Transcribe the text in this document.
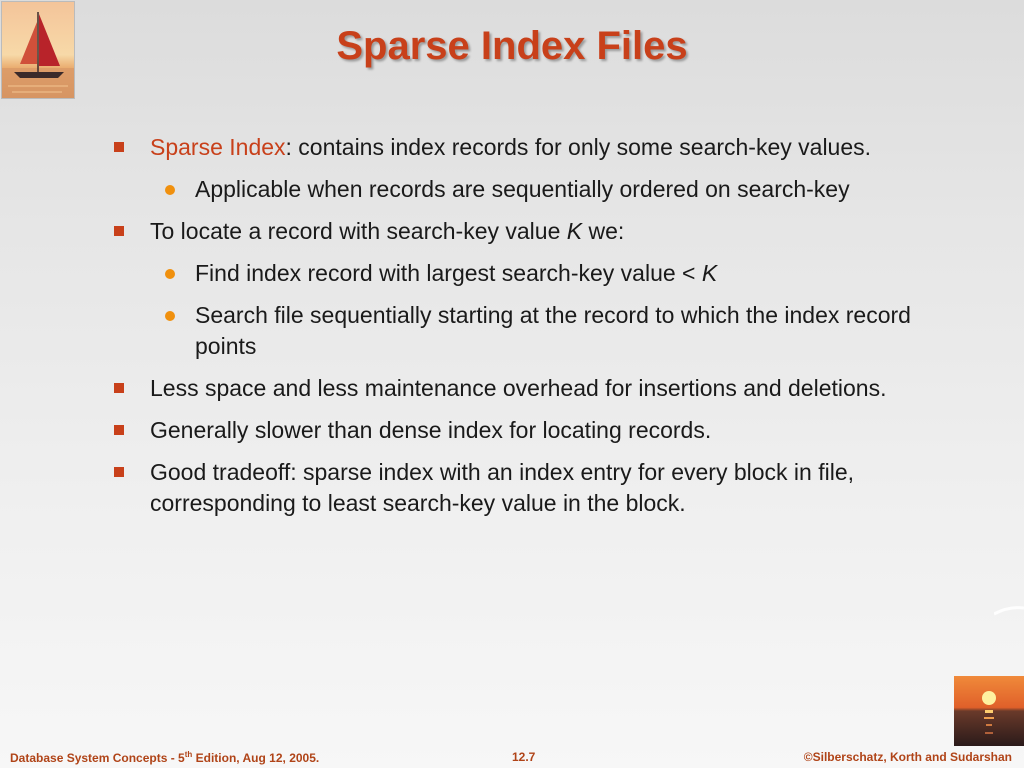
Sparse Index Files
Sparse Index: contains index records for only some search-key values.
Applicable when records are sequentially ordered on search-key
To locate a record with search-key value K we:
Find index record with largest search-key value < K
Search file sequentially starting at the record to which the index record points
Less space and less maintenance overhead for insertions and deletions.
Generally slower than dense index for locating records.
Good tradeoff: sparse index with an index entry for every block in file, corresponding to least search-key value in the block.
Database System Concepts - 5th Edition, Aug 12, 2005.	12.7	©Silberschatz, Korth and Sudarshan
